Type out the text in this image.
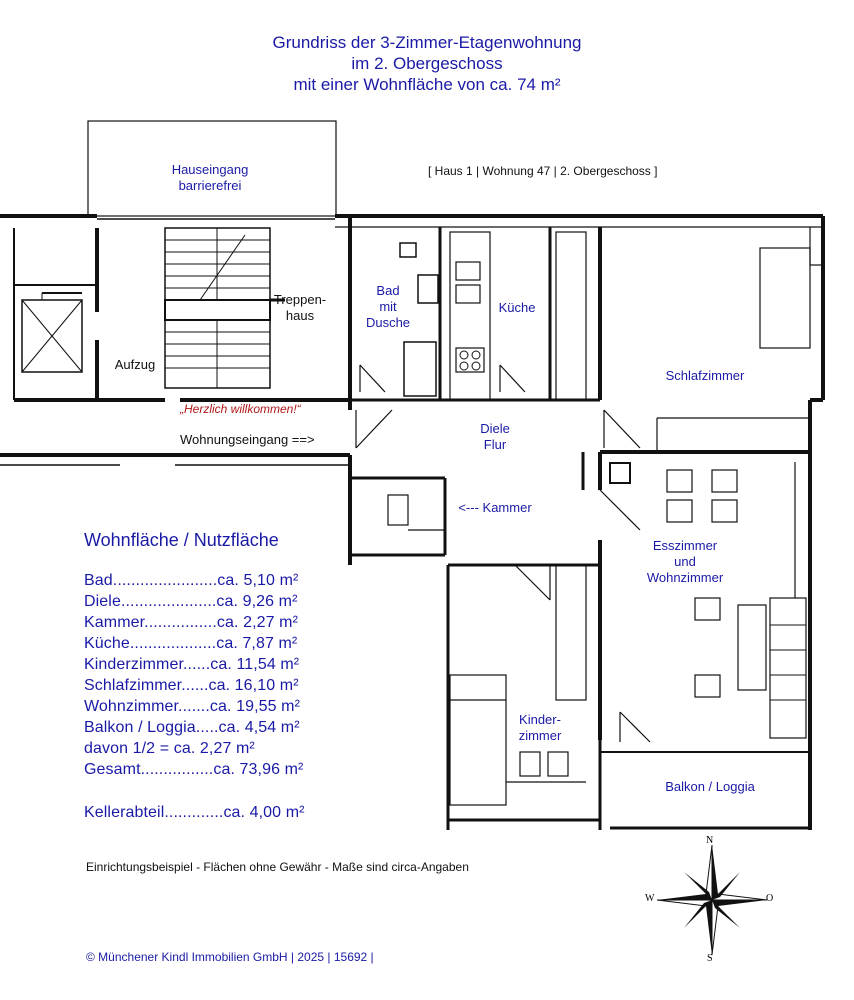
Grundriss der 3-Zimmer-Etagenwohnung
im 2. Obergeschoss
mit einer Wohnfläche von ca. 74 m²
[ Haus 1 | Wohnung 47 | 2. Obergeschoss ]
Hauseingang
barrierefrei
Treppen-
haus
Aufzug
Bad
mit
Dusche
Küche
Schlafzimmer
„Herzlich willkommen!“
Wohnungseingang ==>
Diele
Flur
<--- Kammer
Esszimmer
und
Wohnzimmer
Kinder-
zimmer
Balkon / Loggia
Wohnfläche / Nutzfläche
Bad.......................ca. 5,10 m²
Diele.....................ca. 9,26 m²
Kammer................ca. 2,27 m²
Küche...................ca. 7,87 m²
Kinderzimmer......ca. 11,54 m²
Schlafzimmer......ca. 16,10 m²
Wohnzimmer.......ca. 19,55 m²
Balkon / Loggia.....ca. 4,54 m²
davon 1/2 = ca. 2,27 m²
Gesamt................ca. 73,96 m²
Kellerabteil.............ca. 4,00 m²
Einrichtungsbeispiel - Flächen ohne Gewähr - Maße sind circa-Angaben
N
S
W	O
© Münchener Kindl Immobilien GmbH | 2025 | 15692 |
